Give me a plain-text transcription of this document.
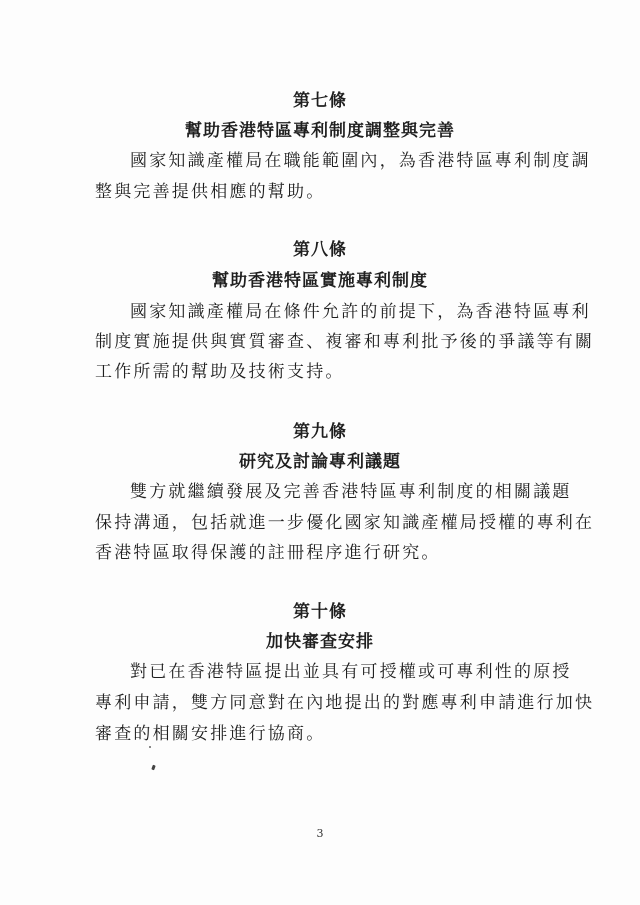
第七條
幫助香港特區專利制度調整與完善

國家知識產權局在職能範圍內，為香港特區專利制度調

整與完善提供相應的幫助。

第八條
幫助香港特區實施專利制度

國家知識產權局在條件允許的前提下，為香港特區專利

制度實施提供與實質審查、複審和專利批予後的爭議等有關

工作所需的幫助及技術支持。

第九條
研究及討論專利議題

雙方就繼續發展及完善香港特區專利制度的相關議題

保持溝通，包括就進一步優化國家知識產權局授權的專利在

香港特區取得保護的註冊程序進行研究。

第十條
加快審查安排

對已在香港特區提出並具有可授權或可專利性的原授

專利申請，雙方同意對在內地提出的對應專利申請進行加快

審查的相關安排進行協商。

3
